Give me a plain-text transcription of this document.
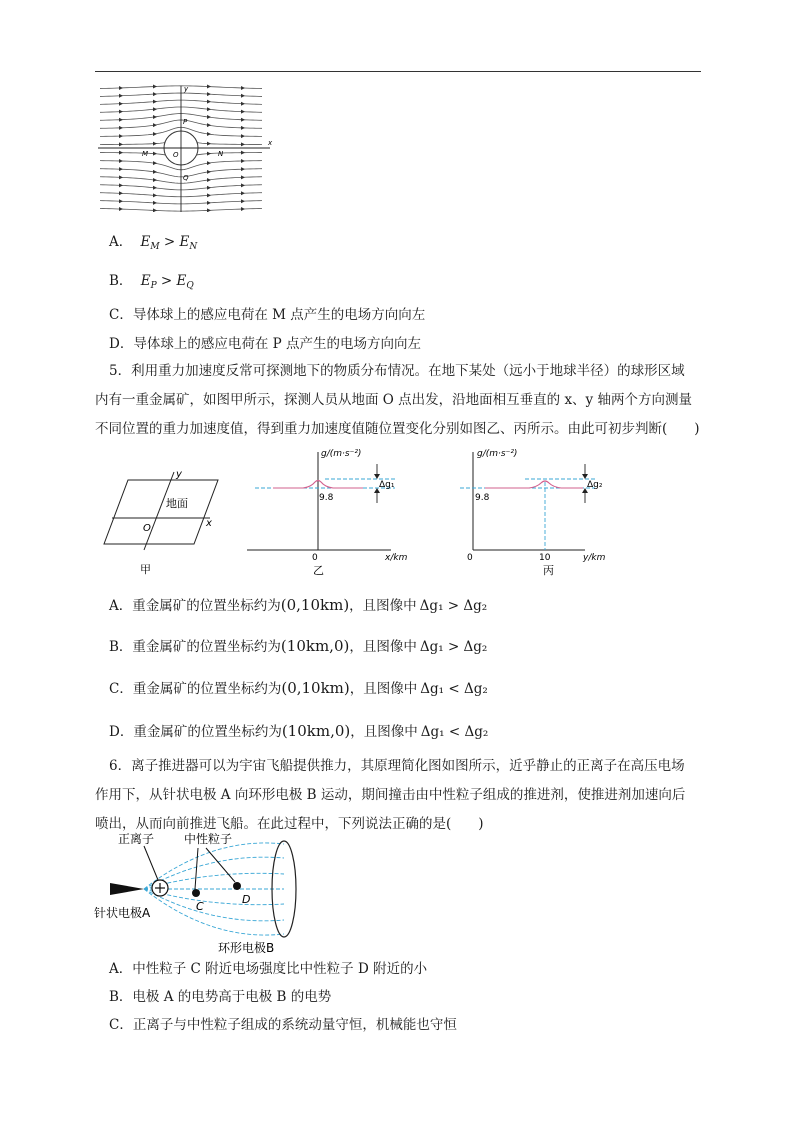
x
y
P
O
Q
M	N
A． $E_M > E_N$
B． $E_P > E_Q$
C．导体球上的感应电荷在 M 点产生的电场方向向左
D．导体球上的感应电荷在 P 点产生的电场方向向左
5．利用重力加速度反常可探测地下的物质分布情况。在地下某处（远小于地球半径）的球形区域
内有一重金属矿，如图甲所示，探测人员从地面 O 点出发，沿地面相互垂直的 x、y 轴两个方向测量
不同位置的重力加速度值，得到重力加速度值随位置变化分别如图乙、丙所示。由此可初步判断(　　)
地面
x
y
O
甲
Δg₁
g/(m·s⁻²)
9.8
0	x/km
乙
Δg₂
g/(m·s⁻²)
9.8
0	10	y/km
丙
A．重金属矿的位置坐标约为(0,10km)，且图像中 Δg₁ > Δg₂
B．重金属矿的位置坐标约为(10km,0)，且图像中 Δg₁ > Δg₂
C．重金属矿的位置坐标约为(0,10km)，且图像中 Δg₁ < Δg₂
D．重金属矿的位置坐标约为(10km,0)，且图像中 Δg₁ < Δg₂
6．离子推进器可以为宇宙飞船提供推力，其原理简化图如图所示，近乎静止的正离子在高压电场
作用下，从针状电极 A 向环形电极 B 运动，期间撞击由中性粒子组成的推进剂，使推进剂加速向后
喷出，从而向前推进飞船。在此过程中，下列说法正确的是(　　)
正离子 中性粒子
C
D
针状电极A
环形电极B
A．中性粒子 C 附近电场强度比中性粒子 D 附近的小
B．电极 A 的电势高于电极 B 的电势
C．正离子与中性粒子组成的系统动量守恒，机械能也守恒
